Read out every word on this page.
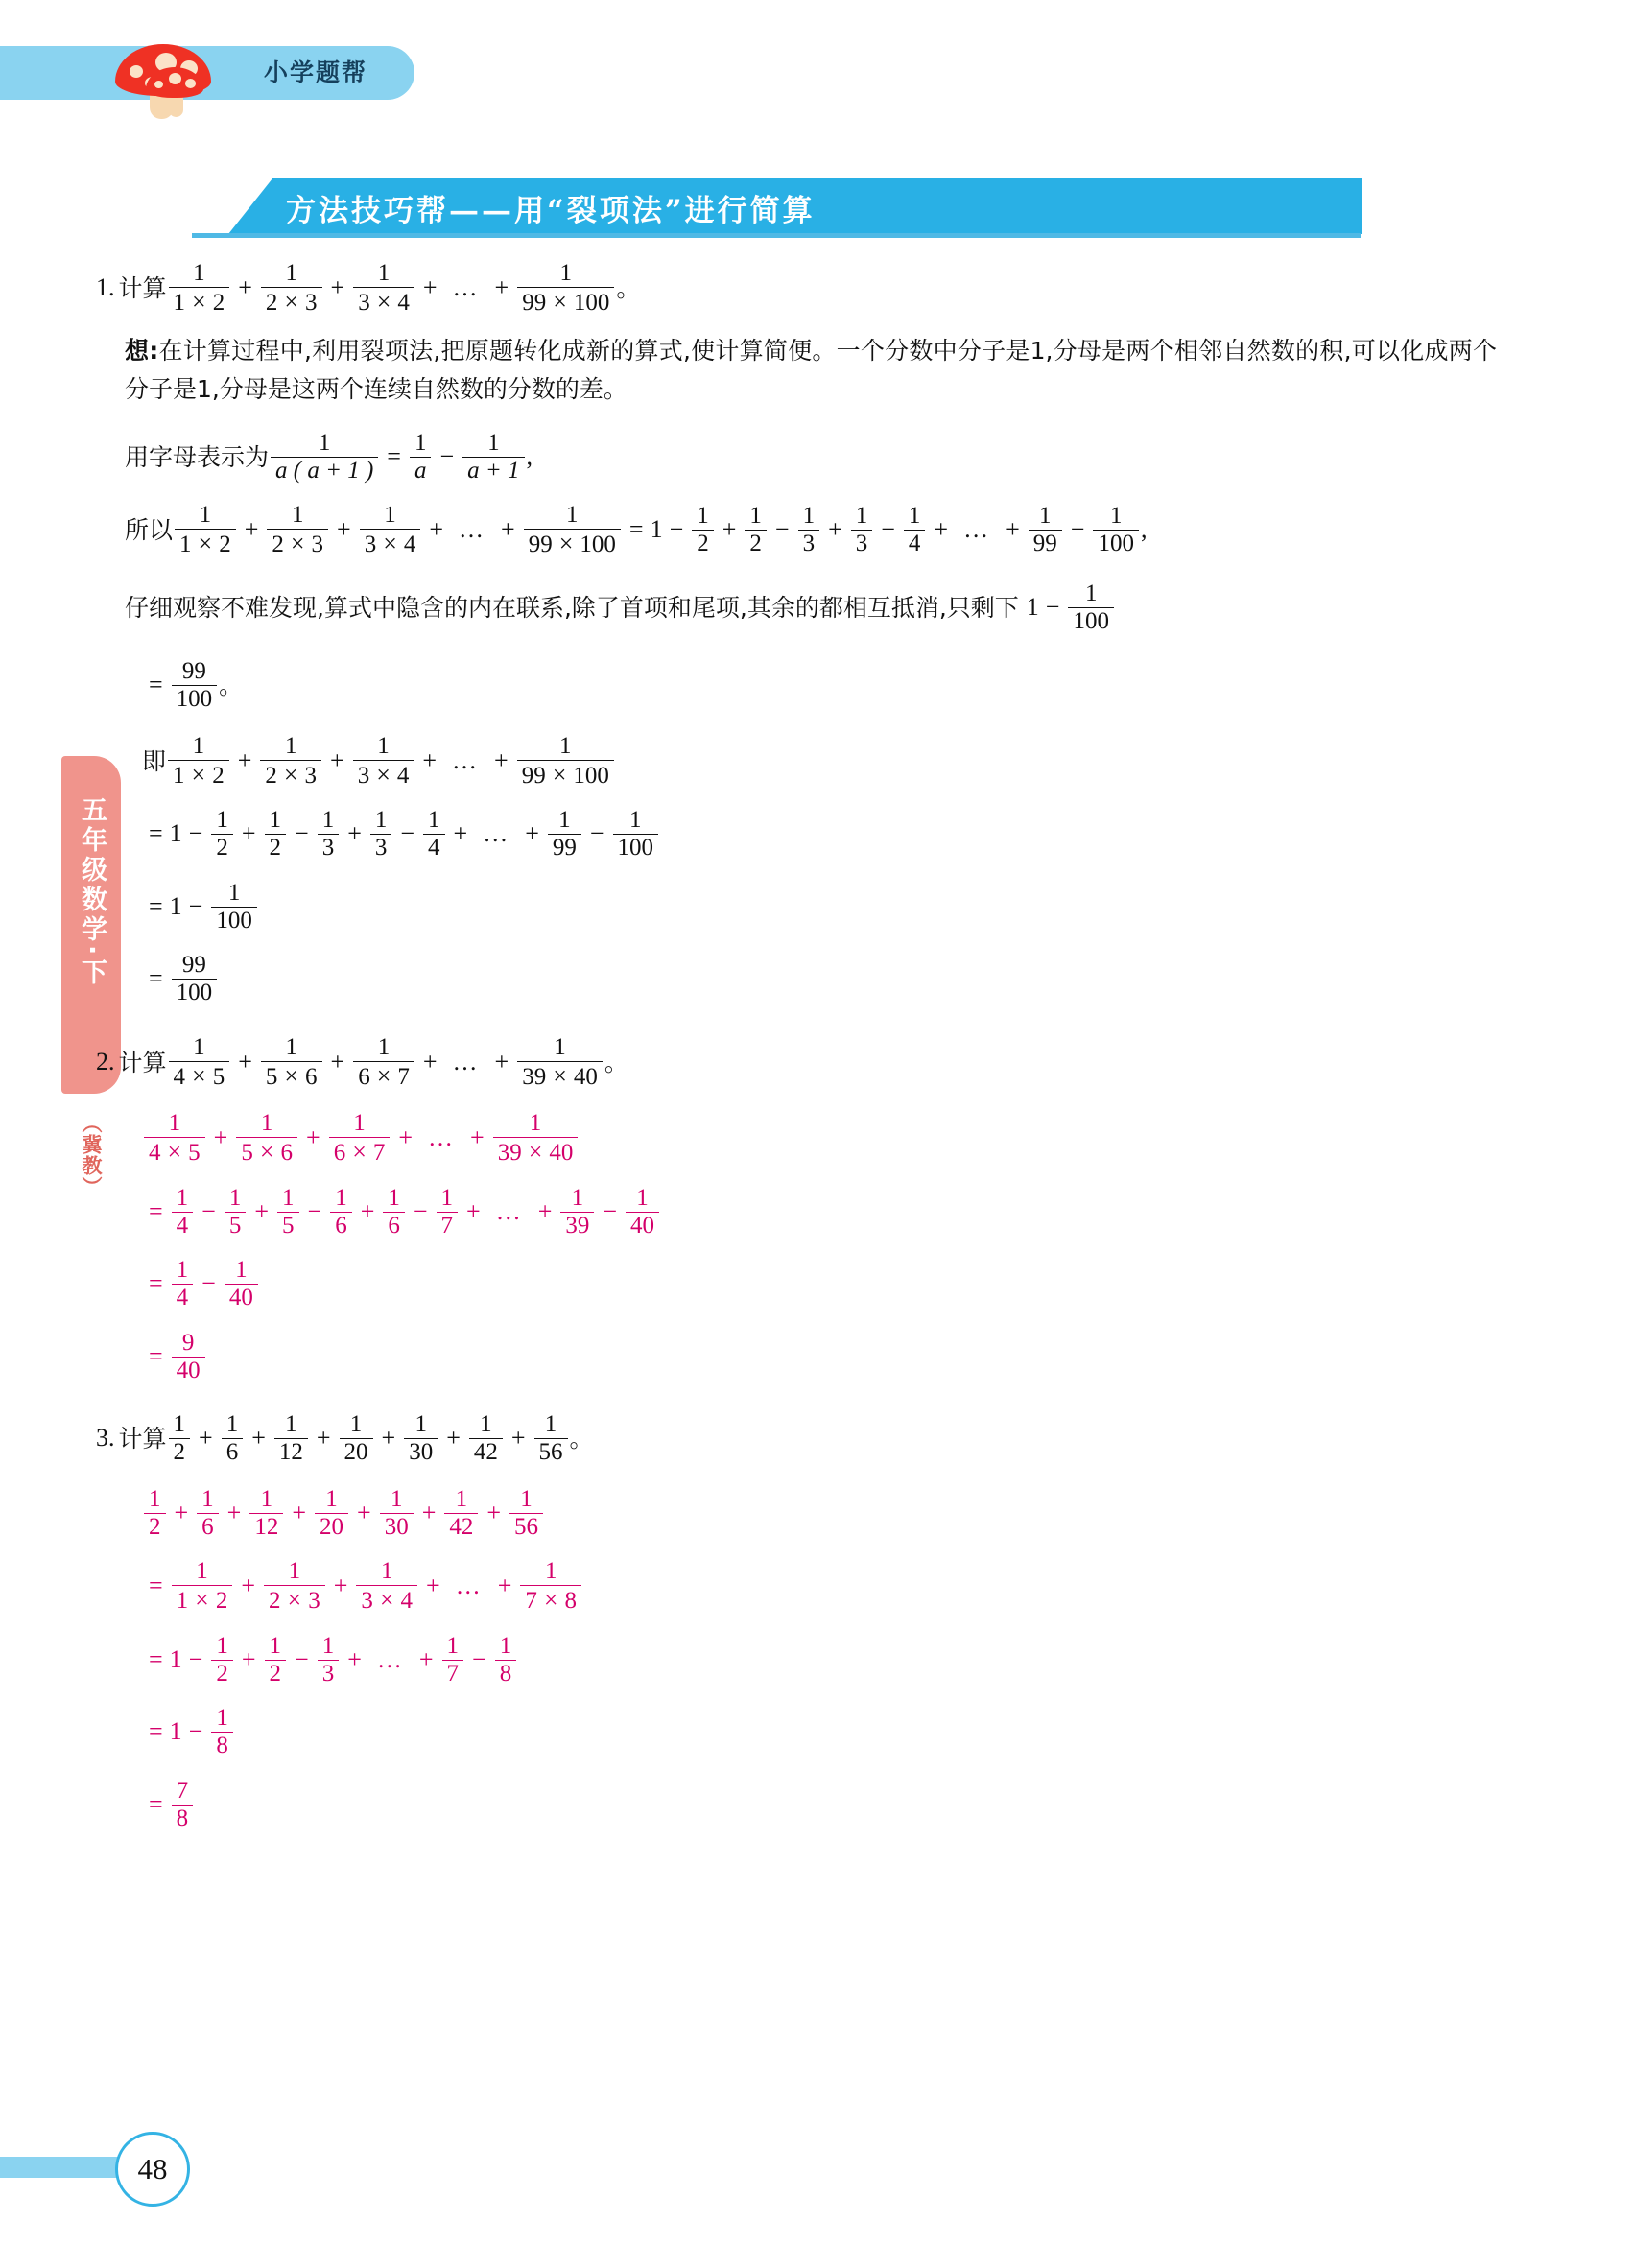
小学题帮
方法技巧帮——用“裂项法”进行简算
五年级数学·下
（冀教）
48
1. 计算 $\frac{1}{1 \times 2} + \frac{1}{2 \times 3} + \frac{1}{3 \times 4}$ + … + $\frac{1}{99 \times 100}$ 。
想:在计算过程中,利用裂项法,把原题转化成新的算式,使计算简便。一个分数中分子是1,分母是两个相邻自然数的积,可以化成两个分子是1,分母是这两个连续自然数的分数的差。
用字母表示为 $\frac{1}{a ( a + 1 )} = \frac{1}{a} - \frac{1}{a + 1}$ ,
所以 $\frac{1}{1 \times 2} + \frac{1}{2 \times 3} + \frac{1}{3 \times 4}$ + … + $\frac{1}{99 \times 100} = 1 - \frac{1}{2} + \frac{1}{2} - \frac{1}{3} + \frac{1}{3} - \frac{1}{4}$ + … + $\frac{1}{99} - \frac{1}{100}$ ,
仔细观察不难发现,算式中隐含的内在联系,除了首项和尾项,其余的都相互抵消,只剩下 $1 - \frac{1}{100}$
= $\frac{99}{100}$ 。
即 $\frac{1}{1 \times 2} + \frac{1}{2 \times 3} + \frac{1}{3 \times 4}$ + … + $\frac{1}{99 \times 100}$
= $1 - \frac{1}{2} + \frac{1}{2} - \frac{1}{3} + \frac{1}{3} - \frac{1}{4}$ + … + $\frac{1}{99} - \frac{1}{100}$
= $1 - \frac{1}{100}$
= $\frac{99}{100}$
2. 计算 $\frac{1}{4 \times 5} + \frac{1}{5 \times 6} + \frac{1}{6 \times 7}$ + … + $\frac{1}{39 \times 40}$ 。
$\frac{1}{4 \times 5} + \frac{1}{5 \times 6} + \frac{1}{6 \times 7}$ + … + $\frac{1}{39 \times 40}$
= $\frac{1}{4} - \frac{1}{5} + \frac{1}{5} - \frac{1}{6} + \frac{1}{6} - \frac{1}{7}$ + … + $\frac{1}{39} - \frac{1}{40}$
= $\frac{1}{4} - \frac{1}{40}$
= $\frac{9}{40}$
3. 计算 $\frac{1}{2} + \frac{1}{6} + \frac{1}{12} + \frac{1}{20} + \frac{1}{30} + \frac{1}{42} + \frac{1}{56}$ 。
$\frac{1}{2} + \frac{1}{6} + \frac{1}{12} + \frac{1}{20} + \frac{1}{30} + \frac{1}{42} + \frac{1}{56}$
= $\frac{1}{1 \times 2} + \frac{1}{2 \times 3} + \frac{1}{3 \times 4}$ + … + $\frac{1}{7 \times 8}$
= $1 - \frac{1}{2} + \frac{1}{2} - \frac{1}{3}$ + … + $\frac{1}{7} - \frac{1}{8}$
= $1 - \frac{1}{8}$
= $\frac{7}{8}$
